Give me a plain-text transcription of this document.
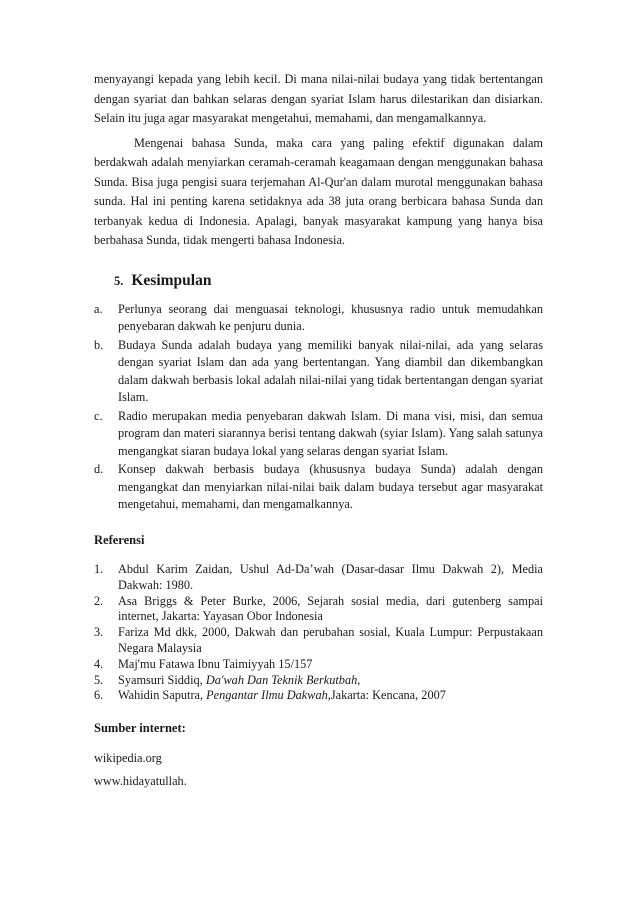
menyayangi kepada yang lebih kecil. Di mana nilai-nilai budaya yang tidak bertentangan dengan syariat dan bahkan selaras dengan syariat Islam harus dilestarikan dan disiarkan. Selain itu juga agar masyarakat mengetahui, memahami, dan mengamalkannya.

Mengenai bahasa Sunda, maka cara yang paling efektif digunakan dalam berdakwah adalah menyiarkan ceramah-ceramah keagamaan dengan menggunakan bahasa Sunda. Bisa juga pengisi suara terjemahan Al-Qur'an dalam murotal menggunakan bahasa sunda. Hal ini penting karena setidaknya ada 38 juta orang berbicara bahasa Sunda dan terbanyak kedua di Indonesia. Apalagi, banyak masyarakat kampung yang hanya bisa berbahasa Sunda, tidak mengerti bahasa Indonesia.

5. Kesimpulan
a. Perlunya seorang dai menguasai teknologi, khususnya radio untuk memudahkan penyebaran dakwah ke penjuru dunia.
b. Budaya Sunda adalah budaya yang memiliki banyak nilai-nilai, ada yang selaras dengan syariat Islam dan ada yang bertentangan. Yang diambil dan dikembangkan dalam dakwah berbasis lokal adalah nilai-nilai yang tidak bertentangan dengan syariat Islam.
c. Radio merupakan media penyebaran dakwah Islam. Di mana visi, misi, dan semua program dan materi siarannya berisi tentang dakwah (syiar Islam). Yang salah satunya mengangkat siaran budaya lokal yang selaras dengan syariat Islam.
d. Konsep dakwah berbasis budaya (khususnya budaya Sunda) adalah dengan mengangkat dan menyiarkan nilai-nilai baik dalam budaya tersebut agar masyarakat mengetahui, memahami, dan mengamalkannya.
Referensi
1. Abdul Karim Zaidan, Ushul Ad-Da’wah (Dasar-dasar Ilmu Dakwah 2), Media Dakwah: 1980.
2. Asa Briggs & Peter Burke, 2006, Sejarah sosial media, dari gutenberg sampai internet, Jakarta: Yayasan Obor Indonesia
3. Fariza Md dkk, 2000, Dakwah dan perubahan sosial, Kuala Lumpur: Perpustakaan Negara Malaysia
4. Maj'mu Fatawa Ibnu Taimiyyah 15/157
5. Syamsuri Siddiq, Da'wah Dan Teknik Berkutbah,
6. Wahidin Saputra, Pengantar Ilmu Dakwah,Jakarta: Kencana, 2007
Sumber internet:

wikipedia.org

www.hidayatullah.
